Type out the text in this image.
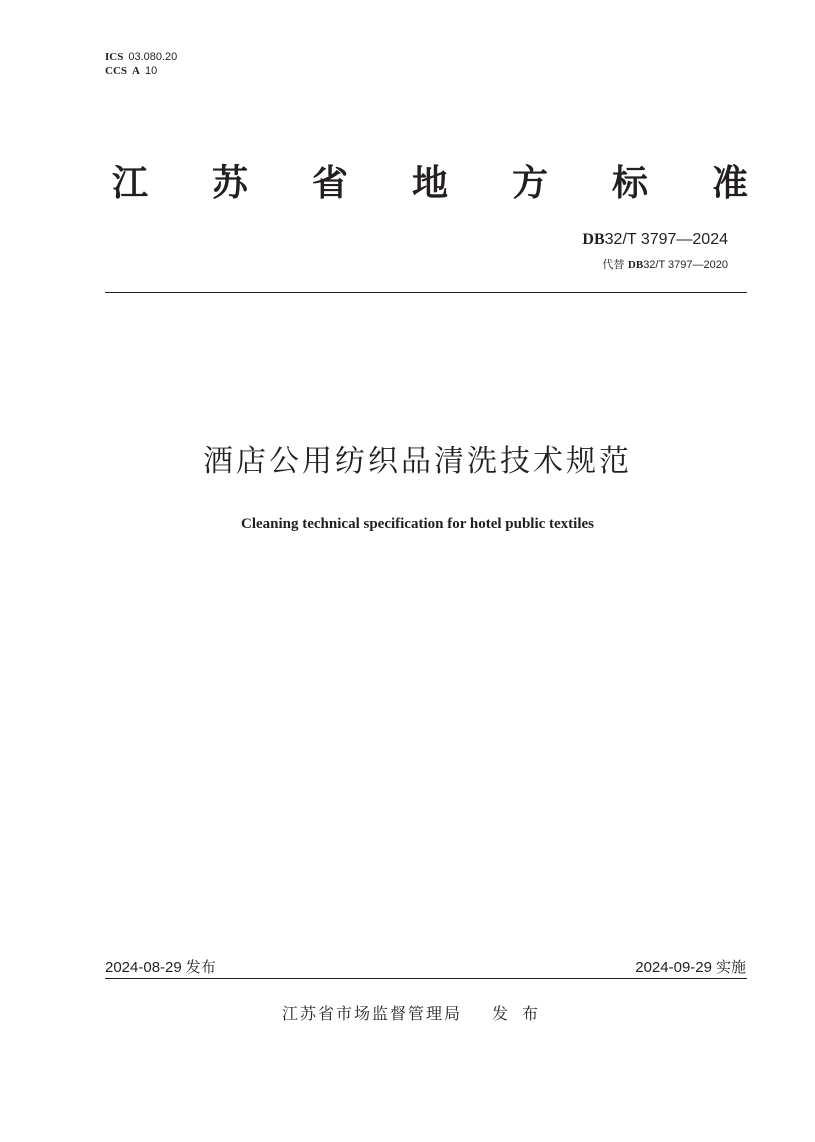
ICS 03.080.20
CCS A 10
江	苏	省	地	方	标	准
DB32/T 3797—2024
代替 DB32/T 3797—2020
酒店公用纺织品清洗技术规范
Cleaning technical specification for hotel public textiles
2024-08-29 发布	2024-09-29 实施
江苏省市场监督管理局 发布
